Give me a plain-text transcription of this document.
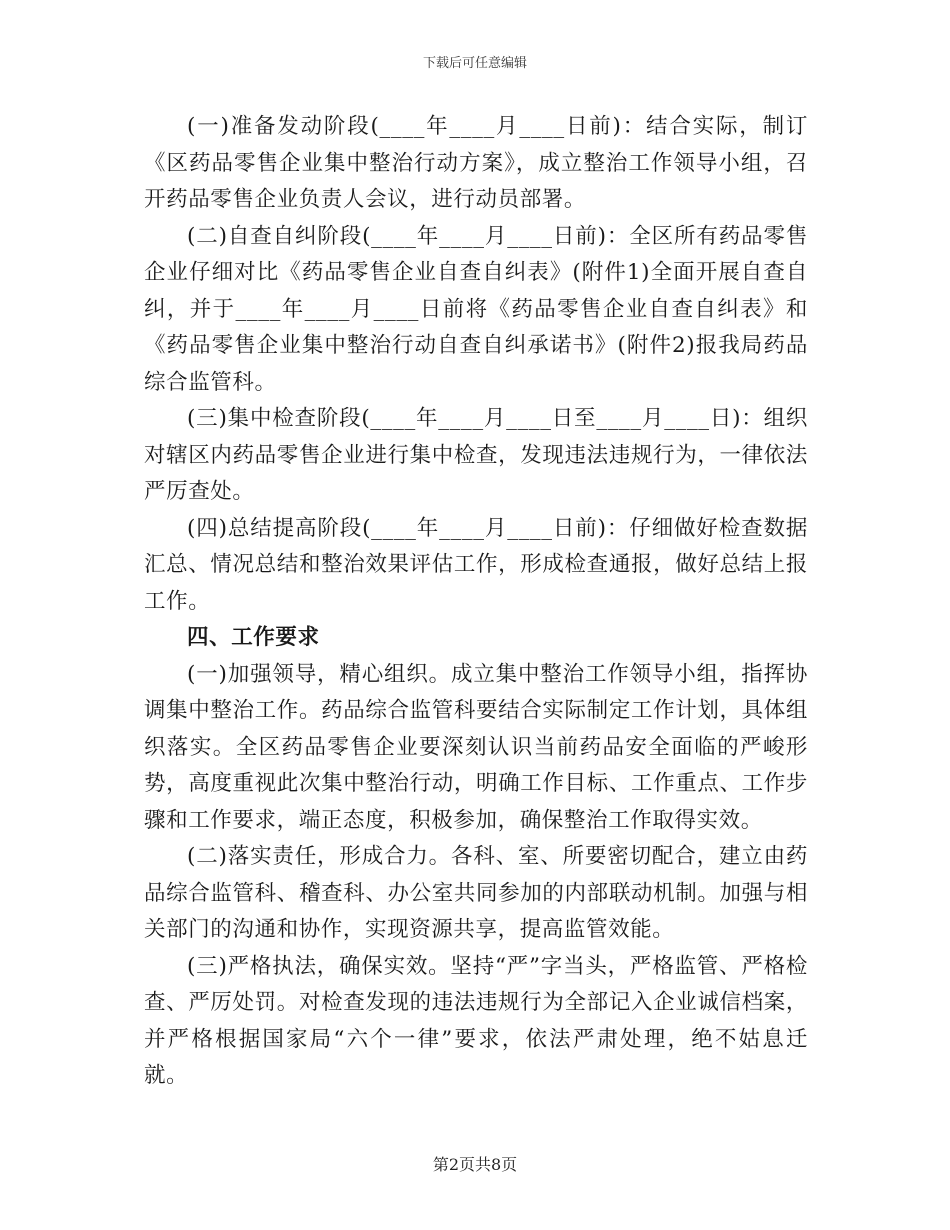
下载后可任意编辑

(一)准备发动阶段(____年____月____日前)：结合实际，制订《区药品零售企业集中整治行动方案》，成立整治工作领导小组，召开药品零售企业负责人会议，进行动员部署。

(二)自查自纠阶段(____年____月____日前)：全区所有药品零售企业仔细对比《药品零售企业自查自纠表》(附件1)全面开展自查自纠，并于____年____月____日前将《药品零售企业自查自纠表》和《药品零售企业集中整治行动自查自纠承诺书》(附件2)报我局药品综合监管科。

(三)集中检查阶段(____年____月____日至____月____日)：组织对辖区内药品零售企业进行集中检查，发现违法违规行为，一律依法严厉查处。

(四)总结提高阶段(____年____月____日前)：仔细做好检查数据汇总、情况总结和整治效果评估工作，形成检查通报，做好总结上报工作。

四、工作要求

(一)加强领导，精心组织。成立集中整治工作领导小组，指挥协调集中整治工作。药品综合监管科要结合实际制定工作计划，具体组织落实。全区药品零售企业要深刻认识当前药品安全面临的严峻形势，高度重视此次集中整治行动，明确工作目标、工作重点、工作步骤和工作要求，端正态度，积极参加，确保整治工作取得实效。

(二)落实责任，形成合力。各科、室、所要密切配合，建立由药品综合监管科、稽查科、办公室共同参加的内部联动机制。加强与相关部门的沟通和协作，实现资源共享，提高监管效能。

(三)严格执法，确保实效。坚持“严”字当头，严格监管、严格检查、严厉处罚。对检查发现的违法违规行为全部记入企业诚信档案，并严格根据国家局“六个一律”要求，依法严肃处理，绝不姑息迁就。

第2页共8页
